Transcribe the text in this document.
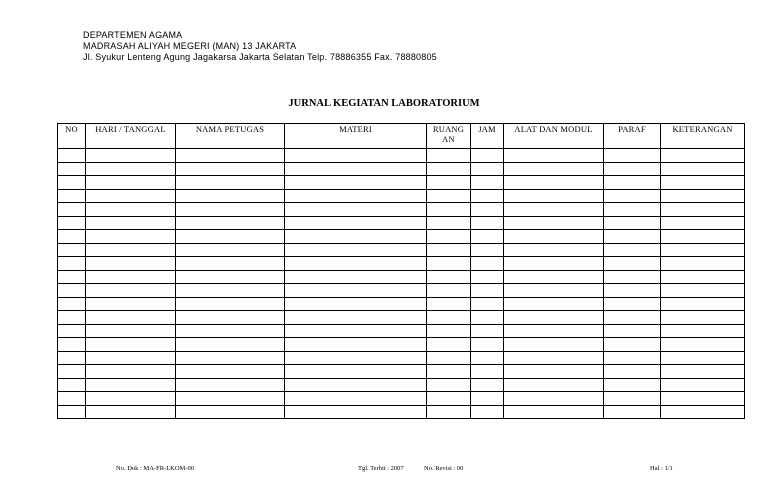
DEPARTEMEN AGAMA
MADRASAH ALIYAH MEGERI (MAN) 13 JAKARTA
Jl. Syukur Lenteng Agung Jagakarsa Jakarta Selatan Telp. 78886355 Fax. 78880805
JURNAL KEGIATAN LABORATORIUM
NO	HARI / TANGGAL	NAMA PETUGAS	MATERI	RUANG AN	JAM	ALAT DAN MODUL	PARAF	KETERANGAN

No. Dok : MA-FR-LKOM-00	Tgl. Terbit : 2007	No. Revisi : 00	Hal : 1/1
